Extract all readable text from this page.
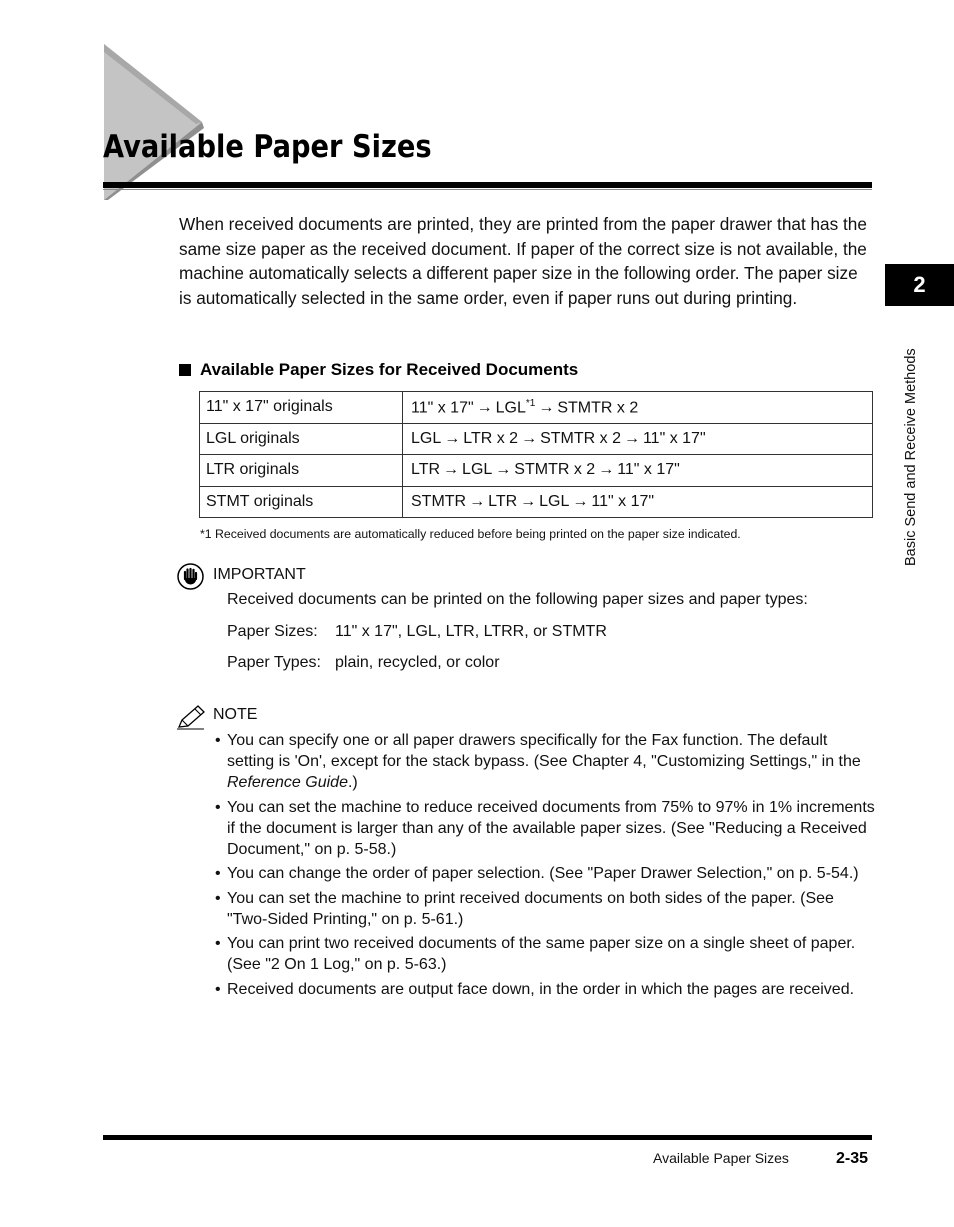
Available Paper Sizes

When received documents are printed, they are printed from the paper drawer that has the same size paper as the received document. If paper of the correct size is not available, the machine automatically selects a different paper size in the following order. The paper size is automatically selected in the same order, even if paper runs out during printing.

Available Paper Sizes for Received Documents
11" x 17" originals	11" x 17" → $LGL^{*1}$ → STMTR x 2
LGL originals	LGL → LTR x 2 → STMTR x 2 → 11" x 17"
LTR originals	LTR → LGL → STMTR x 2 → 11" x 17"
STMT originals	STMTR → LTR → LGL → 11" x 17"
*1 Received documents are automatically reduced before being printed on the paper size indicated.
IMPORTANT
Received documents can be printed on the following paper sizes and paper types:
Paper Sizes: 11" x 17", LGL, LTR, LTRR, or STMTR
Paper Types: plain, recycled, or color
NOTE
• You can specify one or all paper drawers specifically for the Fax function. The default setting is 'On', except for the stack bypass. (See Chapter 4, "Customizing Settings," in the Reference Guide.)
• You can set the machine to reduce received documents from 75% to 97% in 1% increments if the document is larger than any of the available paper sizes. (See "Reducing a Received Document," on p. 5-58.)
• You can change the order of paper selection. (See "Paper Drawer Selection," on p. 5-54.)
• You can set the machine to print received documents on both sides of the paper. (See "Two-Sided Printing," on p. 5-61.)
• You can print two received documents of the same paper size on a single sheet of paper. (See "2 On 1 Log," on p. 5-63.)
• Received documents are output face down, in the order in which the pages are received.
2
Basic Send and Receive Methods
Available Paper Sizes	2-35
